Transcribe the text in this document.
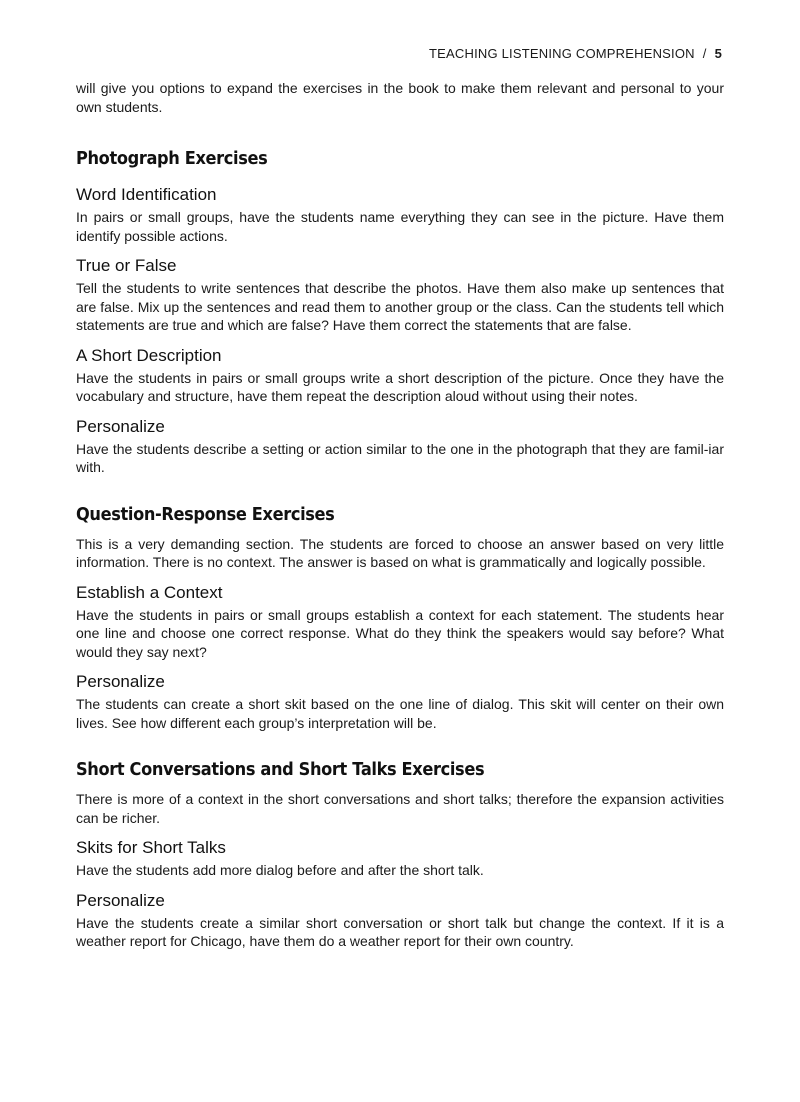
TEACHING LISTENING COMPREHENSION / 5

will give you options to expand the exercises in the book to make them relevant and personal to your own students.

Photograph Exercises
Word Identification

In pairs or small groups, have the students name everything they can see in the picture. Have them identify possible actions.

True or False

Tell the students to write sentences that describe the photos. Have them also make up sentences that are false. Mix up the sentences and read them to another group or the class. Can the students tell which statements are true and which are false? Have them correct the statements that are false.

A Short Description

Have the students in pairs or small groups write a short description of the picture. Once they have the vocabulary and structure, have them repeat the description aloud without using their notes.

Personalize

Have the students describe a setting or action similar to the one in the photograph that they are famil-iar with.

Question-Response Exercises

This is a very demanding section. The students are forced to choose an answer based on very little information. There is no context. The answer is based on what is grammatically and logically possible.

Establish a Context

Have the students in pairs or small groups establish a context for each statement. The students hear one line and choose one correct response. What do they think the speakers would say before? What would they say next?

Personalize

The students can create a short skit based on the one line of dialog. This skit will center on their own lives. See how different each group’s interpretation will be.

Short Conversations and Short Talks Exercises

There is more of a context in the short conversations and short talks; therefore the expansion activities can be richer.

Skits for Short Talks

Have the students add more dialog before and after the short talk.

Personalize

Have the students create a similar short conversation or short talk but change the context. If it is a weather report for Chicago, have them do a weather report for their own country.
